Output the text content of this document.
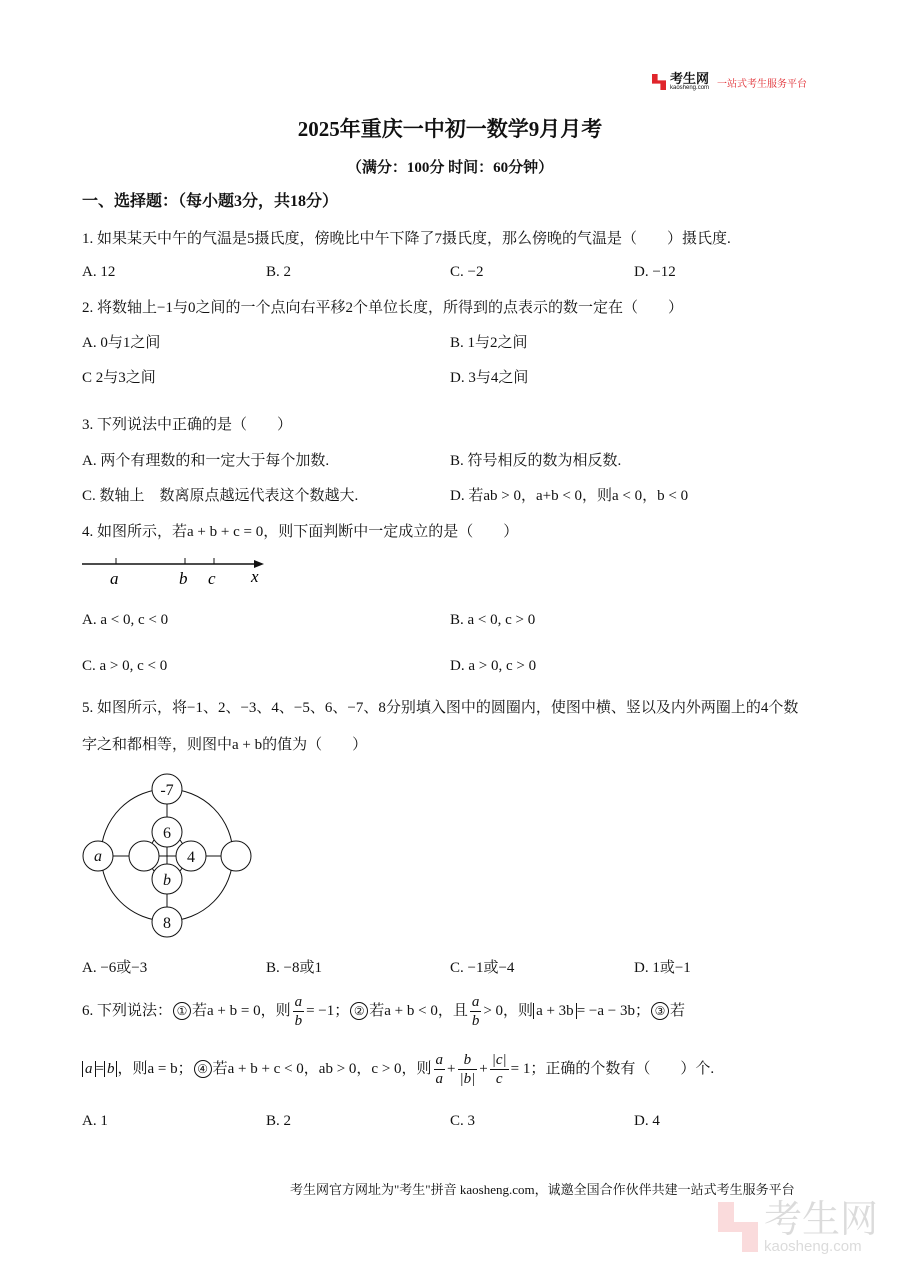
考生网
kaosheng.com 一站式考生服务平台
2025年重庆一中初一数学9月月考
（满分：100分 时间：60分钟）
一、选择题：（每小题3分，共18分）
1. 如果某天中午的气温是5摄氏度，傍晚比中午下降了7摄氏度，那么傍晚的气温是（　　）摄氏度.
A. 12	B. 2	C. −2	D. −12
2. 将数轴上−1与0之间的一个点向右平移2个单位长度，所得到的点表示的数一定在（　　）
A. 0与1之间	B. 1与2之间
C 2与3之间	D. 3与4之间
3. 下列说法中正确的是（　　）
A. 两个有理数的和一定大于每个加数.	B. 符号相反的数为相反数.
C. 数轴上　数离原点越远代表这个数越大.	D. 若ab > 0，a+b < 0，则a < 0，b < 0
4. 如图所示，若a + b + c = 0，则下面判断中一定成立的是（　　）
a	b c x
A. a < 0, c < 0	B. a < 0, c > 0
C. a > 0, c < 0	D. a > 0, c > 0
5. 如图所示，将−1、2、−3、4、−5、6、−7、8分别填入图中的圆圈内，使图中横、竖以及内外两圈上的4个数
字之和都相等，则图中a + b的值为（　　）
-7
6
a	4
b
8
A. −6或−3	B. −8或1	C. −1或−4	D. 1或−1
6. 下列说法： ① 若a + b = 0，则 $\frac{a}{b} = -1$； ② 若a + b < 0，且 $\frac{a}{b} > 0$，则 a + 3b = −a − 3b； ③ 若
a = b ，则a = b； ④ 若a + b + c < 0，ab > 0，c > 0，则 $\frac{a}{a} + \frac{b}{|b|} + \frac{|c|}{c} = 1$；正确的个数有（　　）个.
A. 1	B. 2	C. 3	D. 4
考生网官方网址为"考生"拼音 kaosheng.com，诚邀全国合作伙伴共建一站式考生服务平台
考生网
kaosheng.com
